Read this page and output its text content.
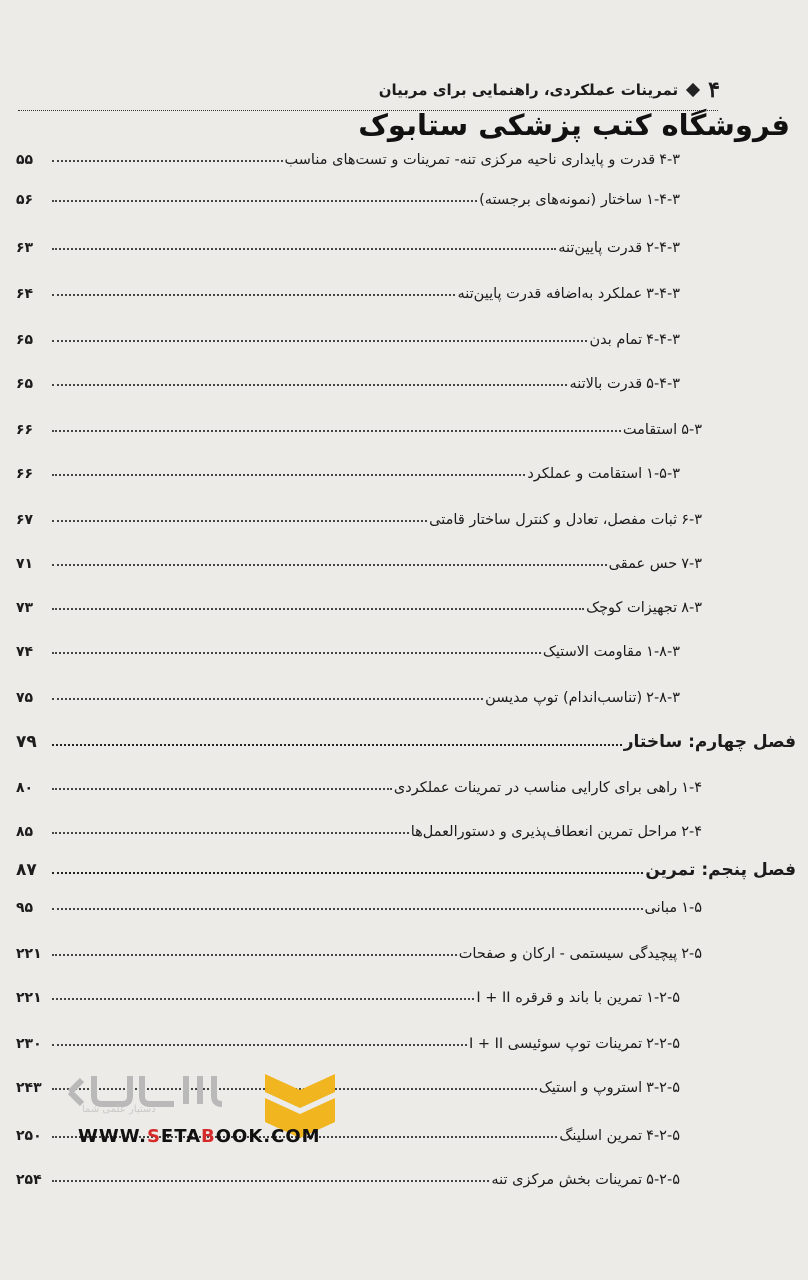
۴
تمرینات عملکردی، راهنمایی برای مربیان
فروشگاه کتب پزشکی ستابوک
۴-۳
قدرت و پایداری ناحیه مرکزی تنه- تمرینات و تست‌های مناسب
۵۵
۱-۴-۳
ساختار (نمونه‌های برجسته)
۵۶
۲-۴-۳
قدرت پایین‌تنه
۶۳
۳-۴-۳
عملکرد به‌اضافه قدرت پایین‌تنه
۶۴
۴-۴-۳
تمام بدن
۶۵
۵-۴-۳
قدرت بالاتنه
۶۵
۵-۳
استقامت
۶۶
۱-۵-۳
استقامت و عملکرد
۶۶
۶-۳
ثبات مفصل، تعادل و کنترل ساختار قامتی
۶۷
۷-۳
حس عمقی
۷۱
۸-۳
تجهیزات کوچک
۷۳
۱-۸-۳
مقاومت الاستیک
۷۴
۲-۸-۳
(تناسب‌اندام) توپ مدیسن
۷۵
فصل چهارم: ساختار
۷۹
۱-۴
راهی برای کارایی مناسب در تمرینات عملکردی
۸۰
۲-۴
مراحل تمرین انعطاف‌پذیری و دستورالعمل‌ها
۸۵
فصل پنجم: تمرین
۸۷
۱-۵
مبانی
۹۵
۲-۵
پیچیدگی سیستمی - ارکان و صفحات
۲۲۱
۱-۲-۵
تمرین با باند و قرقره I + II
۲۲۱
۲-۲-۵
تمرینات توپ سوئیسی I + II
۲۳۰
۳-۲-۵
استروپ و استیک
۲۴۳
۴-۲-۵
تمرین اسلینگ
۲۵۰
۵-۲-۵
تمرینات بخش مرکزی تنه
۲۵۴
دستیار علمی شما
WWW.SETABOOK.COM
